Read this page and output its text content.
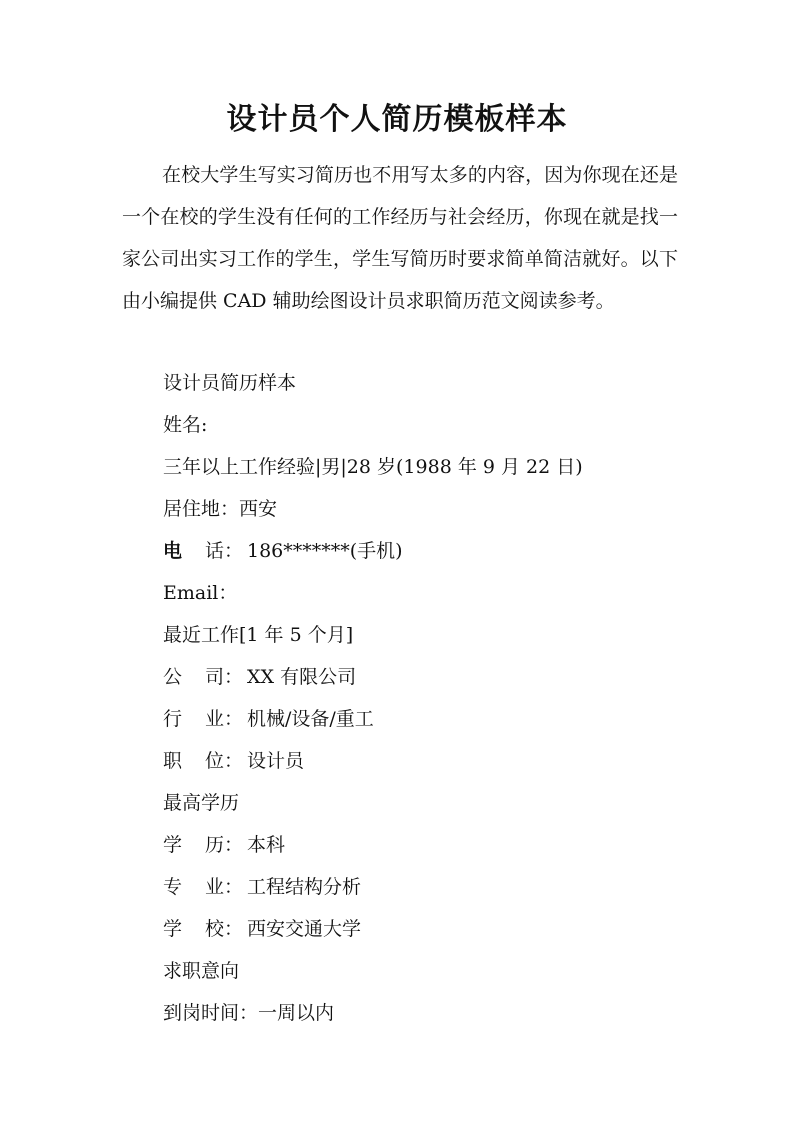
设计员个人简历模板样本

在校大学生写实习简历也不用写太多的内容，因为你现在还是一个在校的学生没有任何的工作经历与社会经历，你现在就是找一家公司出实习工作的学生，学生写简历时要求简单简洁就好。以下由小编提供 CAD 辅助绘图设计员求职简历范文阅读参考。

设计员简历样本
姓名:
三年以上工作经验|男|28 岁(1988 年 9 月 22 日)
居住地：西安
电 话： 186*******(手机)
Email：
最近工作[1 年 5 个月]
公 司： XX 有限公司
行 业： 机械/设备/重工
职 位： 设计员
最高学历
学 历： 本科
专 业： 工程结构分析
学 校： 西安交通大学
求职意向
到岗时间：一周以内
